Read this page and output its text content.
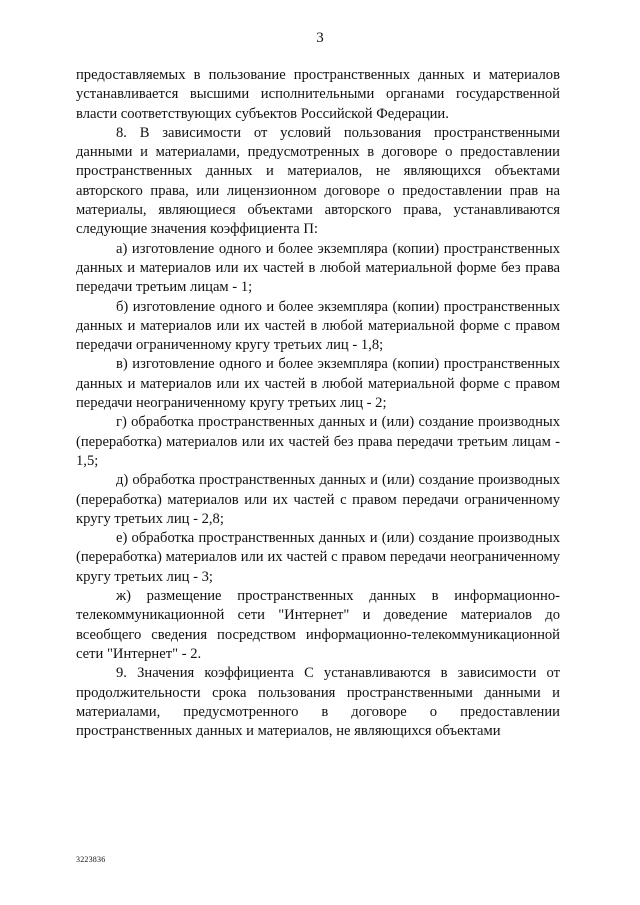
3

предоставляемых в пользование пространственных данных и материалов устанавливается высшими исполнительными органами государственной власти соответствующих субъектов Российской Федерации.

8. В зависимости от условий пользования пространственными данными и материалами, предусмотренных в договоре о предоставлении пространственных данных и материалов, не являющихся объектами авторского права, или лицензионном договоре о предоставлении прав на материалы, являющиеся объектами авторского права, устанавливаются следующие значения коэффициента П:

а) изготовление одного и более экземпляра (копии) пространственных данных и материалов или их частей в любой материальной форме без права передачи третьим лицам - 1;

б) изготовление одного и более экземпляра (копии) пространственных данных и материалов или их частей в любой материальной форме с правом передачи ограниченному кругу третьих лиц - 1,8;

в) изготовление одного и более экземпляра (копии) пространственных данных и материалов или их частей в любой материальной форме с правом передачи неограниченному кругу третьих лиц - 2;

г) обработка пространственных данных и (или) создание производных (переработка) материалов или их частей без права передачи третьим лицам - 1,5;

д) обработка пространственных данных и (или) создание производных (переработка) материалов или их частей с правом передачи ограниченному кругу третьих лиц - 2,8;

е) обработка пространственных данных и (или) создание производных (переработка) материалов или их частей с правом передачи неограниченному кругу третьих лиц - 3;

ж) размещение пространственных данных в информационно-телекоммуникационной сети "Интернет" и доведение материалов до всеобщего сведения посредством информационно-телекоммуникационной сети "Интернет" - 2.

9. Значения коэффициента С устанавливаются в зависимости от продолжительности срока пользования пространственными данными и материалами, предусмотренного в договоре о предоставлении пространственных данных и материалов, не являющихся объектами

3223836
